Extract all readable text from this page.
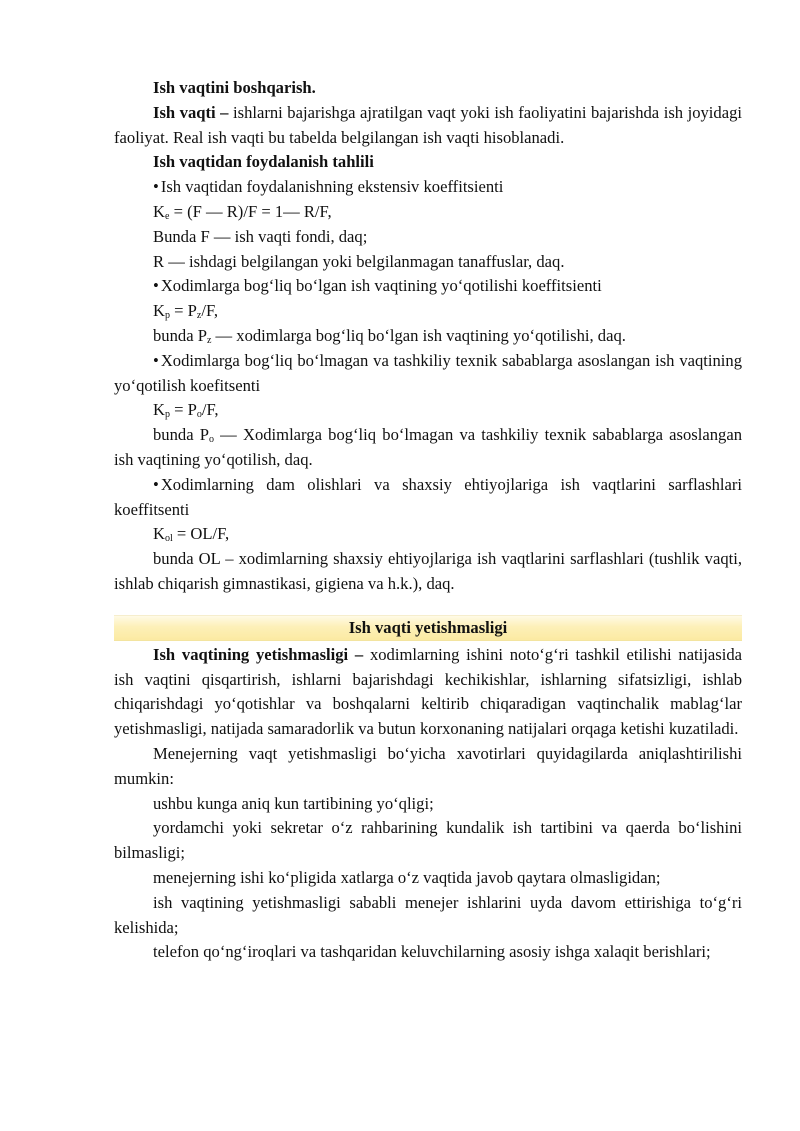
Ish vaqtini boshqarish.

Ish vaqti – ishlarni bajarishga ajratilgan vaqt yoki ish faoliyatini bajarishda ish joyidagi faoliyat. Real ish vaqti bu tabelda belgilangan ish vaqti hisoblanadi.

Ish vaqtidan foydalanish tahlili

• Ish vaqtidan foydalanishning ekstensiv koeffitsienti

$K_e = (F$ — R)/F = 1— R/F,

Bunda F — ish vaqti fondi, daq;

R — ishdagi belgilangan yoki belgilanmagan tanaffuslar, daq.

• Xodimlarga bog‘liq bo‘lgan ish vaqtining yo‘qotilishi koeffitsienti

$K_p = P_z/F$,

bunda $P_z$ — xodimlarga bog‘liq bo‘lgan ish vaqtining yo‘qotilishi, daq.

• Xodimlarga bog‘liq bo‘lmagan va tashkiliy texnik sabablarga asoslangan ish vaqtining yo‘qotilish koefitsenti

$K_p = P_o/F$,

bunda $P_o$ — Xodimlarga bog‘liq bo‘lmagan va tashkiliy texnik sabablarga asoslangan ish vaqtining yo‘qotilish, daq.

• Xodimlarning dam olishlari va shaxsiy ehtiyojlariga ish vaqtlarini sarflashlari koeffitsenti

$K_{ol} = OL/F$,

bunda OL – xodimlarning shaxsiy ehtiyojlariga ish vaqtlarini sarflashlari (tushlik vaqti, ishlab chiqarish gimnastikasi, gigiena va h.k.), daq.

Ish vaqti yetishmasligi

Ish vaqtining yetishmasligi – xodimlarning ishini noto‘g‘ri tashkil etilishi natijasida ish vaqtini qisqartirish, ishlarni bajarishdagi kechikishlar, ishlarning sifatsizligi, ishlab chiqarishdagi yo‘qotishlar va boshqalarni keltirib chiqaradigan vaqtinchalik mablag‘lar yetishmasligi, natijada samaradorlik va butun korxonaning natijalari orqaga ketishi kuzatiladi.

Menejerning vaqt yetishmasligi bo‘yicha xavotirlari quyidagilarda aniqlashtirilishi mumkin:

ushbu kunga aniq kun tartibining yo‘qligi;

yordamchi yoki sekretar o‘z rahbarining kundalik ish tartibini va qaerda bo‘lishini bilmasligi;

menejerning ishi ko‘pligida xatlarga o‘z vaqtida javob qaytara olmasligidan;

ish vaqtining yetishmasligi sababli menejer ishlarini uyda davom ettirishiga to‘g‘ri kelishida;

telefon qo‘ng‘iroqlari va tashqaridan keluvchilarning asosiy ishga xalaqit berishlari;
